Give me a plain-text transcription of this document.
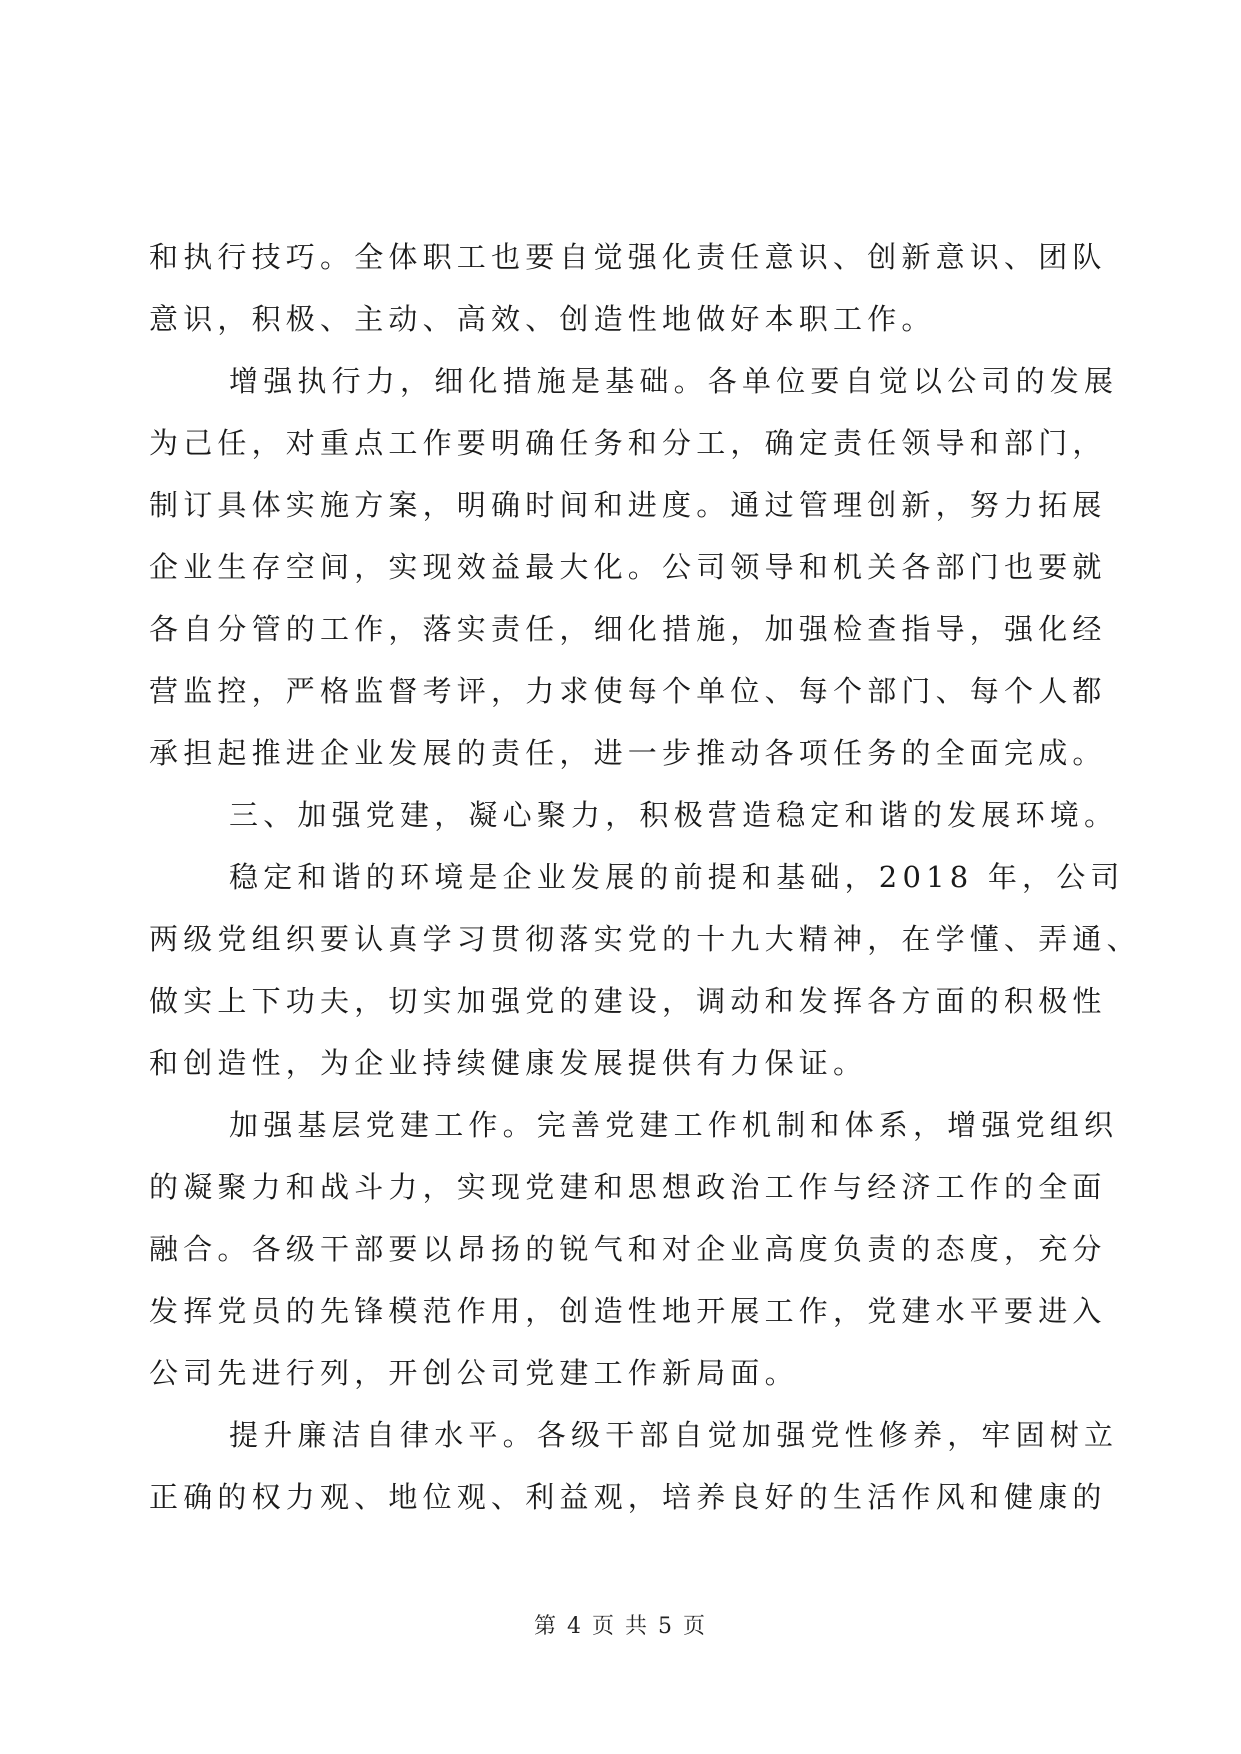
和执行技巧。全体职工也要自觉强化责任意识、创新意识、团队
意识，积极、主动、高效、创造性地做好本职工作。
增强执行力，细化措施是基础。各单位要自觉以公司的发展
为己任，对重点工作要明确任务和分工，确定责任领导和部门，
制订具体实施方案，明确时间和进度。通过管理创新，努力拓展
企业生存空间，实现效益最大化。公司领导和机关各部门也要就
各自分管的工作，落实责任，细化措施，加强检查指导，强化经
营监控，严格监督考评，力求使每个单位、每个部门、每个人都
承担起推进企业发展的责任，进一步推动各项任务的全面完成。
三、加强党建，凝心聚力，积极营造稳定和谐的发展环境。
稳定和谐的环境是企业发展的前提和基础，2018 年，公司
两级党组织要认真学习贯彻落实党的十九大精神，在学懂、弄通、
做实上下功夫，切实加强党的建设，调动和发挥各方面的积极性
和创造性，为企业持续健康发展提供有力保证。
加强基层党建工作。完善党建工作机制和体系，增强党组织
的凝聚力和战斗力，实现党建和思想政治工作与经济工作的全面
融合。各级干部要以昂扬的锐气和对企业高度负责的态度，充分
发挥党员的先锋模范作用，创造性地开展工作，党建水平要进入
公司先进行列，开创公司党建工作新局面。
提升廉洁自律水平。各级干部自觉加强党性修养，牢固树立
正确的权力观、地位观、利益观，培养良好的生活作风和健康的
第 4 页 共 5 页
